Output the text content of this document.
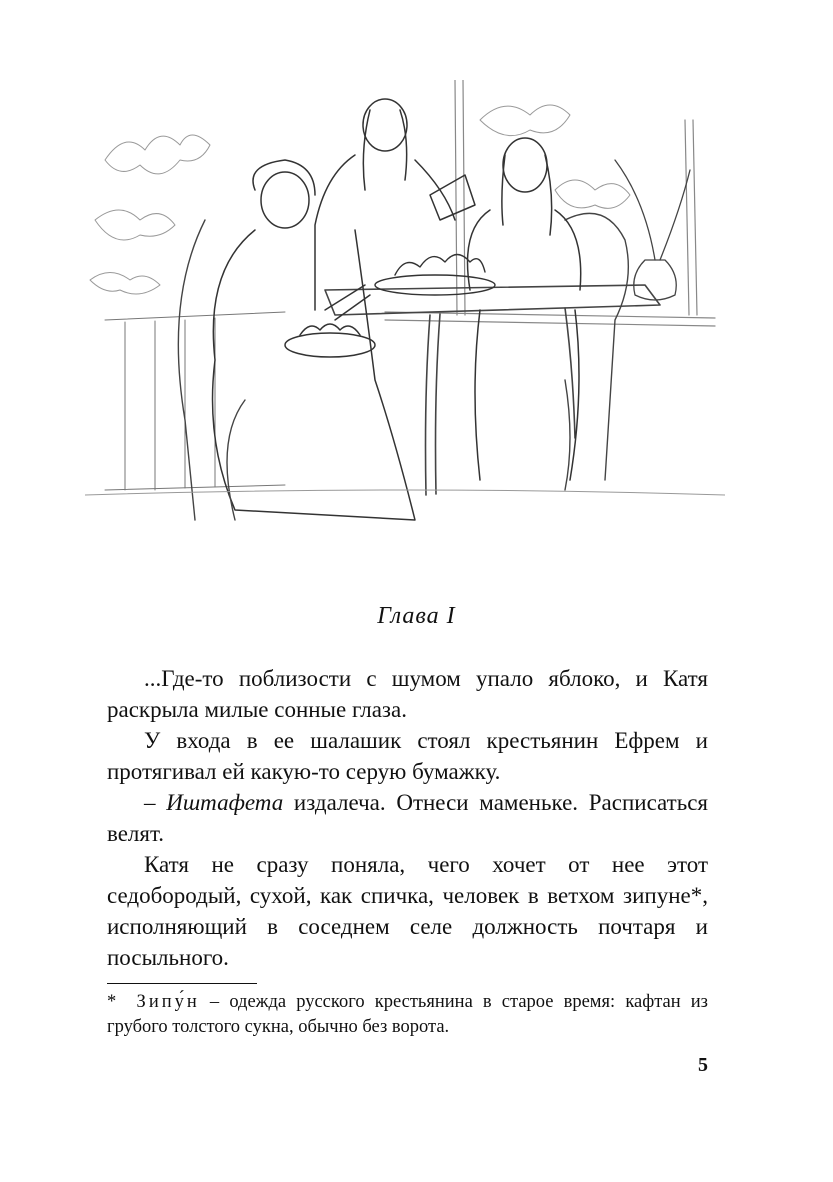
Глава I

...Где-то поблизости с шумом упало яблоко, и Катя раскрыла милые сонные глаза.

У входа в ее шалашик стоял крестьянин Ефрем и протягивал ей какую-то серую бумажку.

– Иштафета издалеча. Отнеси маменьке. Расписаться велят.

Катя не сразу поняла, чего хочет от нее этот седобородый, сухой, как спичка, человек в ветхом зипуне*, исполняющий в соседнем селе должность почтаря и посыльного.

* Зипу́н – одежда русского крестьянина в старое время: кафтан из грубого толстого сукна, обычно без ворота.
5
